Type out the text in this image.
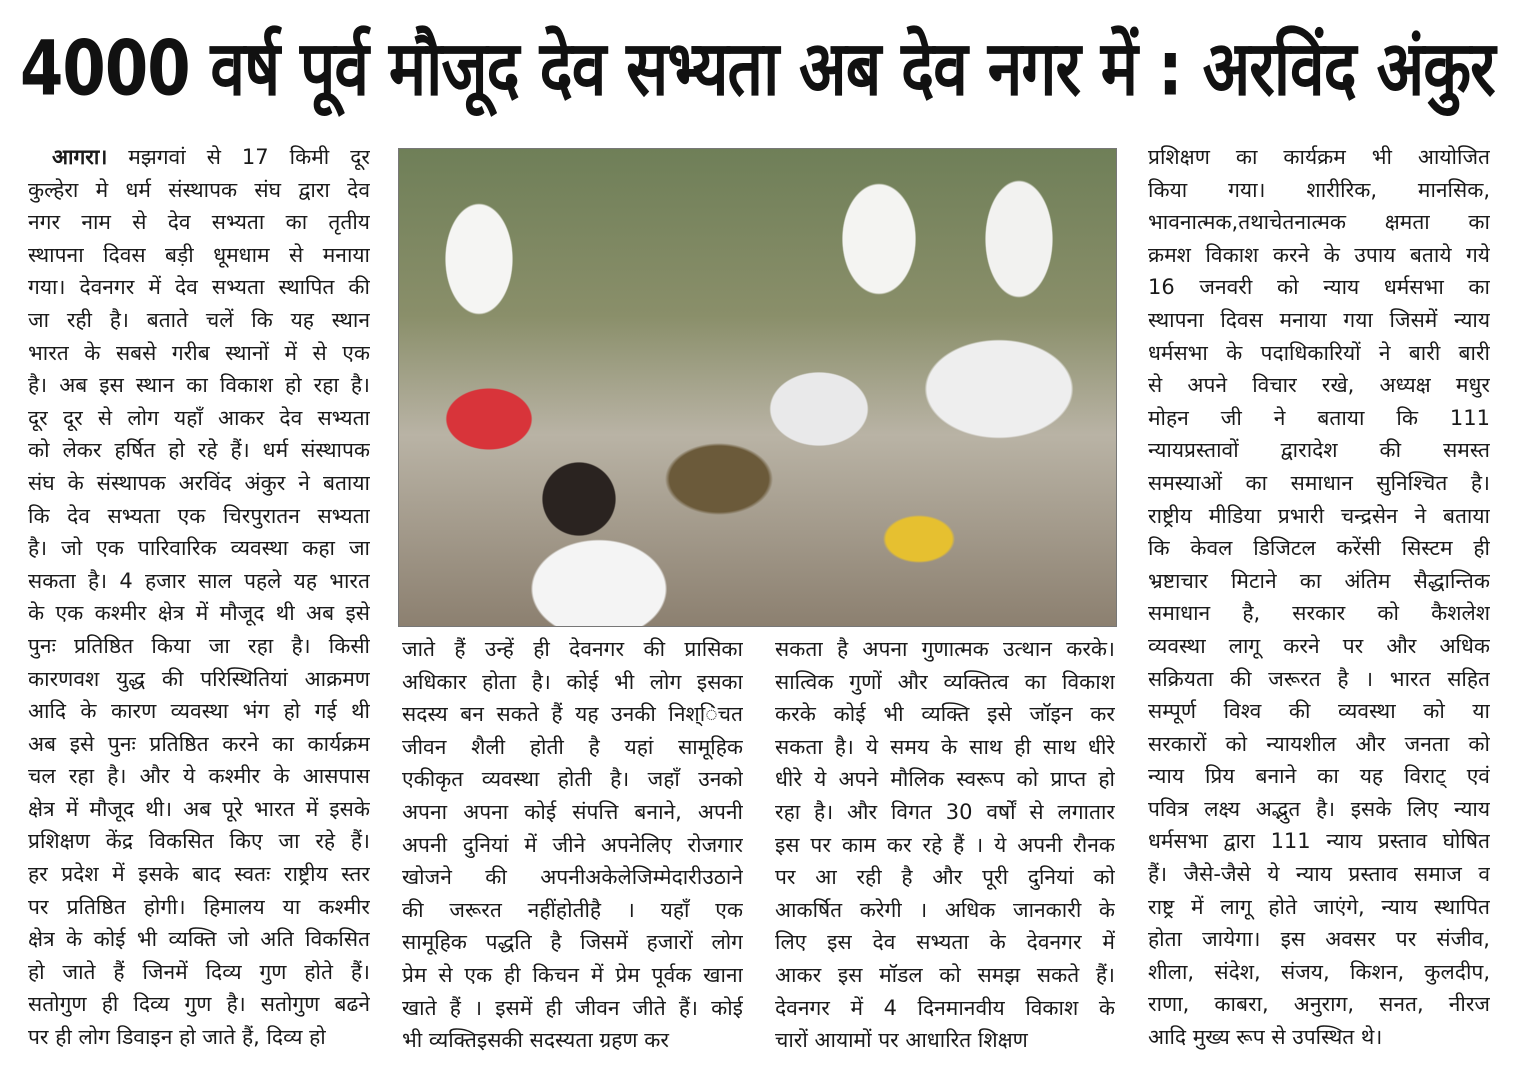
4000 वर्ष पूर्व मौजूद देव सभ्यता अब देव नगर में : अरविंद अंकुर
आगरा। मझगवां से 17 किमी दूर
कुल्हेरा मे धर्म संस्थापक संघ द्वारा देव
नगर नाम से देव सभ्यता का तृतीय
स्थापना दिवस बड़ी धूमधाम से मनाया
गया। देवनगर में देव सभ्यता स्थापित की
जा रही है। बताते चलें कि यह स्थान
भारत के सबसे गरीब स्थानों में से एक
है। अब इस स्थान का विकाश हो रहा है।
दूर दूर से लोग यहाँ आकर देव सभ्यता
को लेकर हर्षित हो रहे हैं। धर्म संस्थापक
संघ के संस्थापक अरविंद अंकुर ने बताया
कि देव सभ्यता एक चिरपुरातन सभ्यता
है। जो एक पारिवारिक व्यवस्था कहा जा
सकता है। 4 हजार साल पहले यह भारत
के एक कश्मीर क्षेत्र में मौजूद थी अब इसे
पुनः प्रतिष्ठित किया जा रहा है। किसी
कारणवश युद्ध की परिस्थितियां आक्रमण
आदि के कारण व्यवस्था भंग हो गई थी
अब इसे पुनः प्रतिष्ठित करने का कार्यक्रम
चल रहा है। और ये कश्मीर के आसपास
क्षेत्र में मौजूद थी। अब पूरे भारत में इसके
प्रशिक्षण केंद्र विकसित किए जा रहे हैं।
हर प्रदेश में इसके बाद स्वतः राष्ट्रीय स्तर
पर प्रतिष्ठित होगी। हिमालय या कश्मीर
क्षेत्र के कोई भी व्यक्ति जो अति विकसित
हो जाते हैं जिनमें दिव्य गुण होते हैं।
सतोगुण ही दिव्य गुण है। सतोगुण बढने
पर ही लोग डिवाइन हो जाते हैं, दिव्य हो
जाते हैं उन्हें ही देवनगर की प्रासिका
अधिकार होता है। कोई भी लोग इसका
सदस्य बन सकते हैं यह उनकी निश्िंचत
जीवन शैली होती है यहां सामूहिक
एकीकृत व्यवस्था होती है। जहाँ उनको
अपना अपना कोई संपत्ति बनाने, अपनी
अपनी दुनियां में जीने अपनेलिए रोजगार
खोजने की अपनीअकेलेजिम्मेदारीउठाने
की जरूरत नहींहोतीहै । यहाँ एक
सामूहिक पद्धति है जिसमें हजारों लोग
प्रेम से एक ही किचन में प्रेम पूर्वक खाना
खाते हैं । इसमें ही जीवन जीते हैं। कोई
भी व्यक्तिइसकी सदस्यता ग्रहण कर
सकता है अपना गुणात्मक उत्थान करके।
सात्विक गुणों और व्यक्तित्व का विकाश
करके कोई भी व्यक्ति इसे जॉइन कर
सकता है। ये समय के साथ ही साथ धीरे
धीरे ये अपने मौलिक स्वरूप को प्राप्त हो
रहा है। और विगत 30 वर्षों से लगातार
इस पर काम कर रहे हैं । ये अपनी रौनक
पर आ रही है और पूरी दुनियां को
आकर्षित करेगी । अधिक जानकारी के
लिए इस देव सभ्यता के देवनगर में
आकर इस मॉडल को समझ सकते हैं।
देवनगर में 4 दिनमानवीय विकाश के
चारों आयामों पर आधारित शिक्षण
प्रशिक्षण का कार्यक्रम भी आयोजित
किया गया। शारीरिक, मानसिक,
भावनात्मक,तथाचेतनात्मक क्षमता का
क्रमश विकाश करने के उपाय बताये गये
16 जनवरी को न्याय धर्मसभा का
स्थापना दिवस मनाया गया जिसमें न्याय
धर्मसभा के पदाधिकारियों ने बारी बारी
से अपने विचार रखे, अध्यक्ष मधुर
मोहन जी ने बताया कि 111
न्यायप्रस्तावों द्वारादेश की समस्त
समस्याओं का समाधान सुनिश्चित है।
राष्ट्रीय मीडिया प्रभारी चन्द्रसेन ने बताया
कि केवल डिजिटल करेंसी सिस्टम ही
भ्रष्टाचार मिटाने का अंतिम सैद्धान्तिक
समाधान है, सरकार को कैशलेश
व्यवस्था लागू करने पर और अधिक
सक्रियता की जरूरत है । भारत सहित
सम्पूर्ण विश्व की व्यवस्था को या
सरकारों को न्यायशील और जनता को
न्याय प्रिय बनाने का यह विराट् एवं
पवित्र लक्ष्य अद्भुत है। इसके लिए न्याय
धर्मसभा द्वारा 111 न्याय प्रस्ताव घोषित
हैं। जैसे-जैसे ये न्याय प्रस्ताव समाज व
राष्ट्र में लागू होते जाएंगे, न्याय स्थापित
होता जायेगा। इस अवसर पर संजीव,
शीला, संदेश, संजय, किशन, कुलदीप,
राणा, काबरा, अनुराग, सनत, नीरज
आदि मुख्य रूप से उपस्थित थे।
